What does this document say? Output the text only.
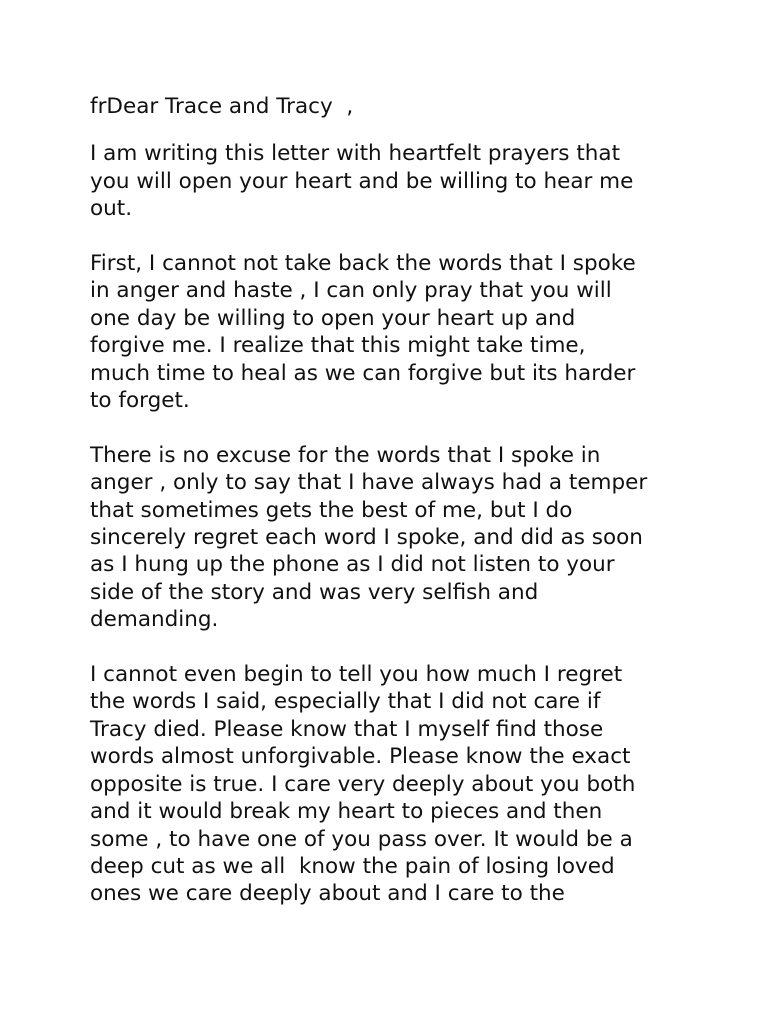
frDear Trace and Tracy  ,

I am writing this letter with heartfelt prayers that
you will open your heart and be willing to hear me
out.

First, I cannot not take back the words that I spoke
in anger and haste , I can only pray that you will
one day be willing to open your heart up and
forgive me. I realize that this might take time,
much time to heal as we can forgive but its harder
to forget.

There is no excuse for the words that I spoke in
anger , only to say that I have always had a temper
that sometimes gets the best of me, but I do
sincerely regret each word I spoke, and did as soon
as I hung up the phone as I did not listen to your
side of the story and was very selfish and
demanding.

I cannot even begin to tell you how much I regret
the words I said, especially that I did not care if
Tracy died. Please know that I myself find those
words almost unforgivable. Please know the exact
opposite is true. I care very deeply about you both
and it would break my heart to pieces and then
some , to have one of you pass over. It would be a
deep cut as we all  know the pain of losing loved
ones we care deeply about and I care to the
